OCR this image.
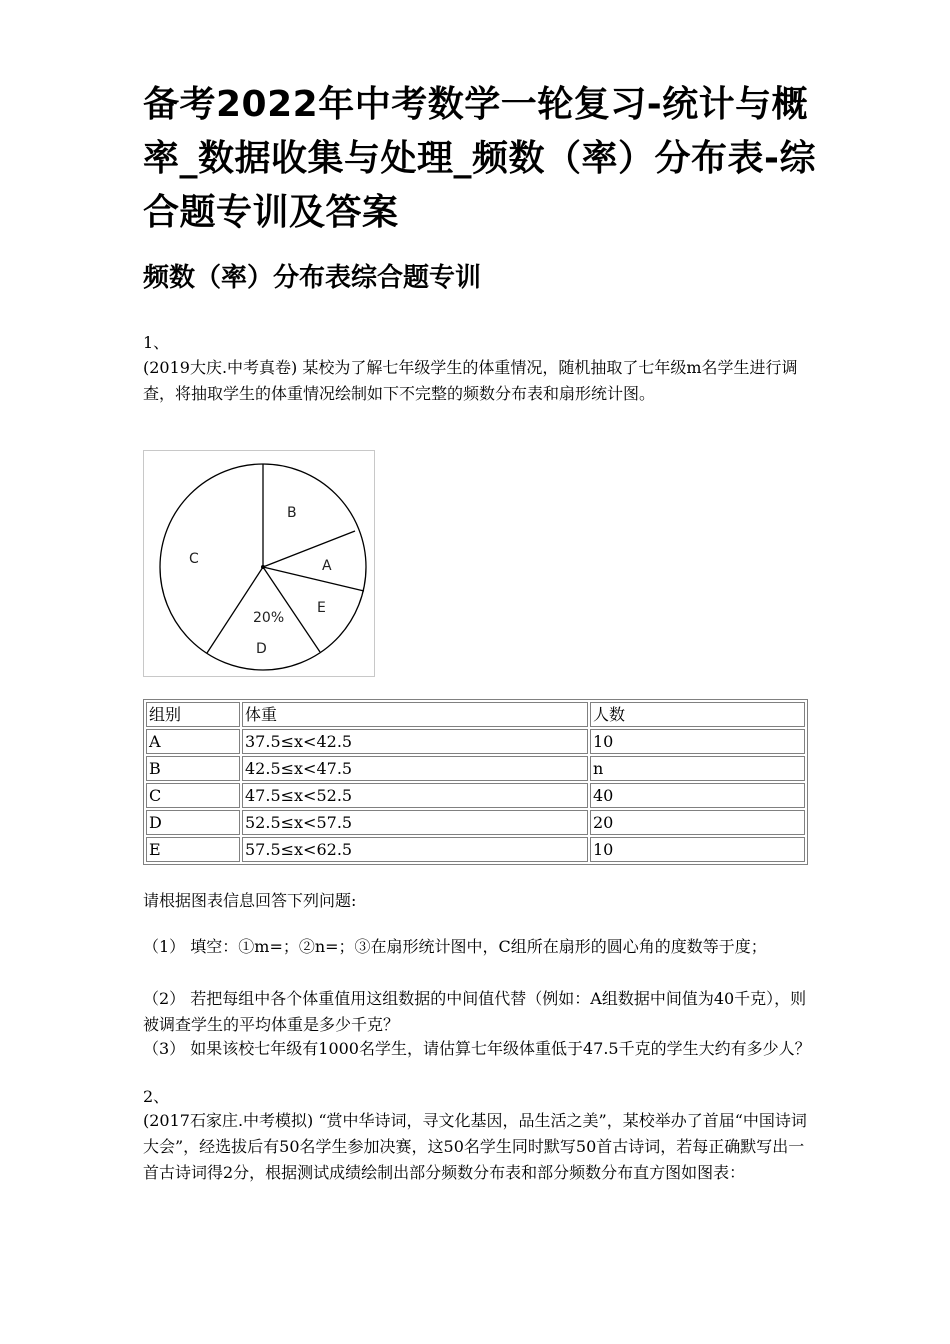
备考2022年中考数学一轮复习-统计与概率_数据收集与处理_频数（率）分布表-综合题专训及答案
频数（率）分布表综合题专训

1、

(2019大庆.中考真卷) 某校为了解七年级学生的体重情况，随机抽取了七年级m名学生进行调查，将抽取学生的体重情况绘制如下不完整的频数分布表和扇形统计图。

B
A
E
D
C
20%
组别	体重	人数
A	37.5≤x<42.5	10
B	42.5≤x<47.5	n
C	47.5≤x<52.5	40
D	52.5≤x<57.5	20
E	57.5≤x<62.5	10

请根据图表信息回答下列问题:

（1） 填空：①m=；②n=；③在扇形统计图中，C组所在扇形的圆心角的度数等于度；

（2） 若把每组中各个体重值用这组数据的中间值代替（例如：A组数据中间值为40千克），则被调查学生的平均体重是多少千克？

（3） 如果该校七年级有1000名学生，请估算七年级体重低于47.5千克的学生大约有多少人？

2、

(2017石家庄.中考模拟) “赏中华诗词，寻文化基因，品生活之美”，某校举办了首届“中国诗词大会”，经选拔后有50名学生参加决赛，这50名学生同时默写50首古诗词，若每正确默写出一首古诗词得2分，根据测试成绩绘制出部分频数分布表和部分频数分布直方图如图表：
